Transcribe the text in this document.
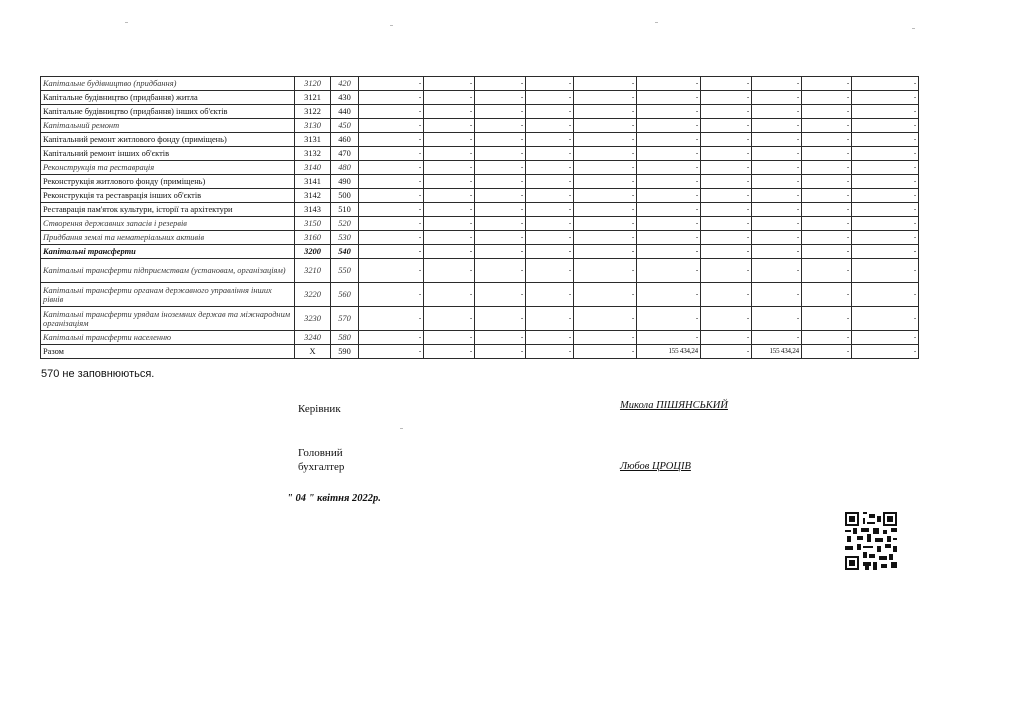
Капітальне будівництво (придбання)	3120	420	-	-	-	-	-	-	-	-	-	-	
Капітальне будівництво (придбання) житла	3121	430	-	-	-	-	-	-	-	-	-	-	
Капітальне будівництво (придбання) інших об'єктів	3122	440	-	-	-	-	-	-	-	-	-	-	
Капітальний ремонт	3130	450	-	-	-	-	-	-	-	-	-	-	
Капітальний ремонт житлового фонду (приміщень)	3131	460	-	-	-	-	-	-	-	-	-	-	
Капітальний ремонт інших об'єктів	3132	470	-	-	-	-	-	-	-	-	-	-	
Реконструкція та реставрація	3140	480	-	-	-	-	-	-	-	-	-	-	
Реконструкція житлового фонду (приміщень)	3141	490	-	-	-	-	-	-	-	-	-	-	
Реконструкція та реставрація інших об'єктів	3142	500	-	-	-	-	-	-	-	-	-	-	
Реставрація пам'яток культури, історії та архітектури	3143	510	-	-	-	-	-	-	-	-	-	-	
Створення державних запасів і резервів	3150	520	-	-	-	-	-	-	-	-	-	-	
Придбання землі та нематеріальних активів	3160	530	-	-	-	-	-	-	-	-	-	-	
Капітальні трансферти	3200	540	-	-	-	-	-	-	-	-	-	-	
Капітальні трансферти підприємствам (установам, організаціям)	3210	550	-	-	-	-	-	-	-	-	-	-	
Капітальні трансферти органам державного управління інших рівнів	3220	560	-	-	-	-	-	-	-	-	-	-	
Капітальні трансферти урядам іноземних держав та міжнародним організаціям	3230	570	-	-	-	-	-	-	-	-	-	-	
Капітальні трансферти населенню	3240	580	-	-	-	-	-	-	-	-	-	-	
Разом	X	590	-	-	-	-	-	155 434,24	-	155 434,24	-	-	
570 не заповнюються.
Керівник	Микола ПІШЯНСЬКИЙ
Головний
бухгалтер	Любов ЦРОЦІВ
" 04 " квітня 2022р.
